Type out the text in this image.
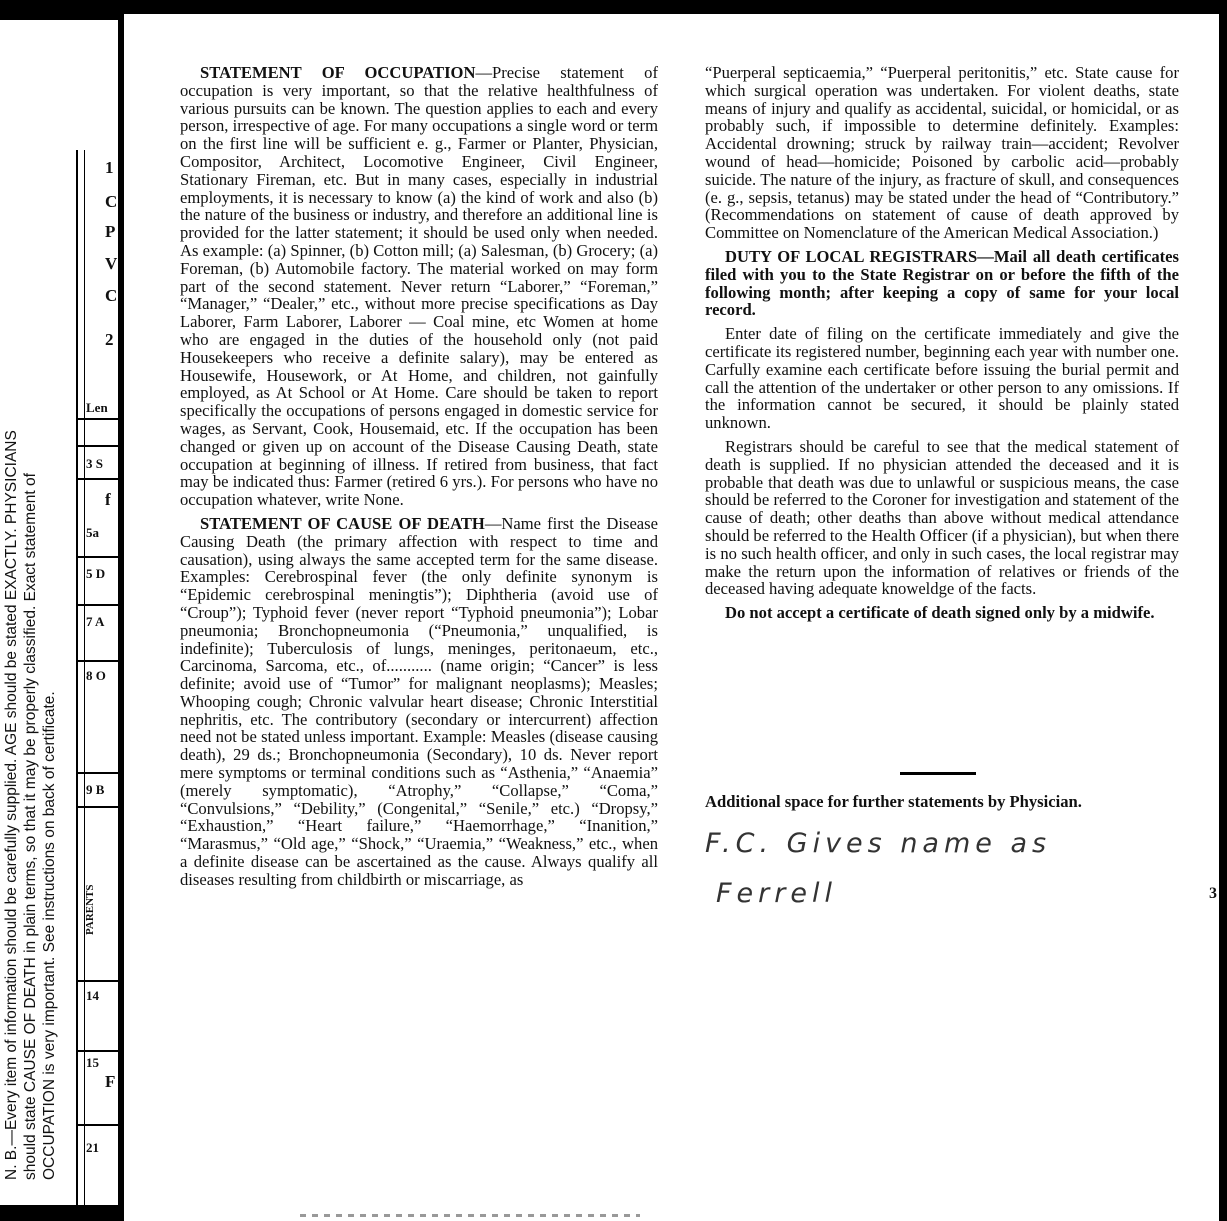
N. B.—Every item of information should be carefully supplied. AGE should be stated EXACTLY. PHYSICIANS should state CAUSE OF DEATH in plain terms, so that it may be properly classified. Exact statement of OCCUPATION is very important. See instructions on back of certificate.
1
C
P
V
C
2
Len
3 S
f
5a
5 D
7 A
8 O
9 B
PARENTS
14
15
F
21

STATEMENT OF OCCUPATION—Precise statement of occupation is very important, so that the relative healthfulness of various pursuits can be known. The question applies to each and every person, irrespective of age. For many occupations a single word or term on the first line will be sufficient e. g., Farmer or Planter, Physician, Compositor, Architect, Locomotive Engineer, Civil Engineer, Stationary Fireman, etc. But in many cases, especially in industrial employments, it is necessary to know (a) the kind of work and also (b) the nature of the business or industry, and therefore an additional line is provided for the latter statement; it should be used only when needed. As example: (a) Spinner, (b) Cotton mill; (a) Salesman, (b) Grocery; (a) Foreman, (b) Automobile factory. The material worked on may form part of the second statement. Never return “Laborer,” “Foreman,” “Manager,” “Dealer,” etc., without more precise specifications as Day Laborer, Farm Laborer, Laborer — Coal mine, etc Women at home who are engaged in the duties of the household only (not paid Housekeepers who receive a definite salary), may be entered as Housewife, Housework, or At Home, and children, not gainfully employed, as At School or At Home. Care should be taken to report specifically the occupations of persons engaged in domestic service for wages, as Servant, Cook, Housemaid, etc. If the occupation has been changed or given up on account of the Disease Causing Death, state occupation at beginning of illness. If retired from business, that fact may be indicated thus: Farmer (retired 6 yrs.). For persons who have no occupation whatever, write None.

STATEMENT OF CAUSE OF DEATH—Name first the Disease Causing Death (the primary affection with respect to time and causation), using always the same accepted term for the same disease. Examples: Cerebrospinal fever (the only definite synonym is “Epidemic cerebrospinal meningtis”); Diphtheria (avoid use of “Croup”); Typhoid fever (never report “Typhoid pneumonia”); Lobar pneumonia; Bronchopneumonia (“Pneumonia,” unqualified, is indefinite); Tuberculosis of lungs, meninges, peritonaeum, etc., Carcinoma, Sarcoma, etc., of........... (name origin; “Cancer” is less definite; avoid use of “Tumor” for malignant neoplasms); Measles; Whooping cough; Chronic valvular heart disease; Chronic Interstitial nephritis, etc. The contributory (secondary or intercurrent) affection need not be stated unless important. Example: Measles (disease causing death), 29 ds.; Bronchopneumonia (Secondary), 10 ds. Never report mere symptoms or terminal conditions such as “Asthenia,” “Anaemia” (merely symptomatic), “Atrophy,” “Collapse,” “Coma,” “Convulsions,” “Debility,” (Congenital,” “Senile,” etc.) “Dropsy,” “Exhaustion,” “Heart failure,” “Haemorrhage,” “Inanition,” “Marasmus,” “Old age,” “Shock,” “Uraemia,” “Weakness,” etc., when a definite disease can be ascertained as the cause. Always qualify all diseases resulting from childbirth or miscarriage, as

“Puerperal septicaemia,” “Puerperal peritonitis,” etc. State cause for which surgical operation was undertaken. For violent deaths, state means of injury and qualify as accidental, suicidal, or homicidal, or as probably such, if impossible to determine definitely. Examples: Accidental drowning; struck by railway train—accident; Revolver wound of head—homicide; Poisoned by carbolic acid—probably suicide. The nature of the injury, as fracture of skull, and consequences (e. g., sepsis, tetanus) may be stated under the head of “Contributory.” (Recommendations on statement of cause of death approved by Committee on Nomenclature of the American Medical Association.)

DUTY OF LOCAL REGISTRARS—Mail all death certificates filed with you to the State Registrar on or before the fifth of the following month; after keeping a copy of same for your local record.

Enter date of filing on the certificate immediately and give the certificate its registered number, beginning each year with number one. Carfully examine each certificate before issuing the burial permit and call the attention of the undertaker or other person to any omissions. If the information cannot be secured, it should be plainly stated unknown.

Registrars should be careful to see that the medical statement of death is supplied. If no physician attended the deceased and it is probable that death was due to unlawful or suspicious means, the case should be referred to the Coroner for investigation and statement of the cause of death; other deaths than above without medical attendance should be referred to the Health Officer (if a physician), but when there is no such health officer, and only in such cases, the local registrar may make the return upon the information of relatives or friends of the deceased having adequate knoweldge of the facts.

Do not accept a certificate of death signed only by a midwife.

Additional space for further statements by Physician.
F.C. Gives name as
Ferrell	3
